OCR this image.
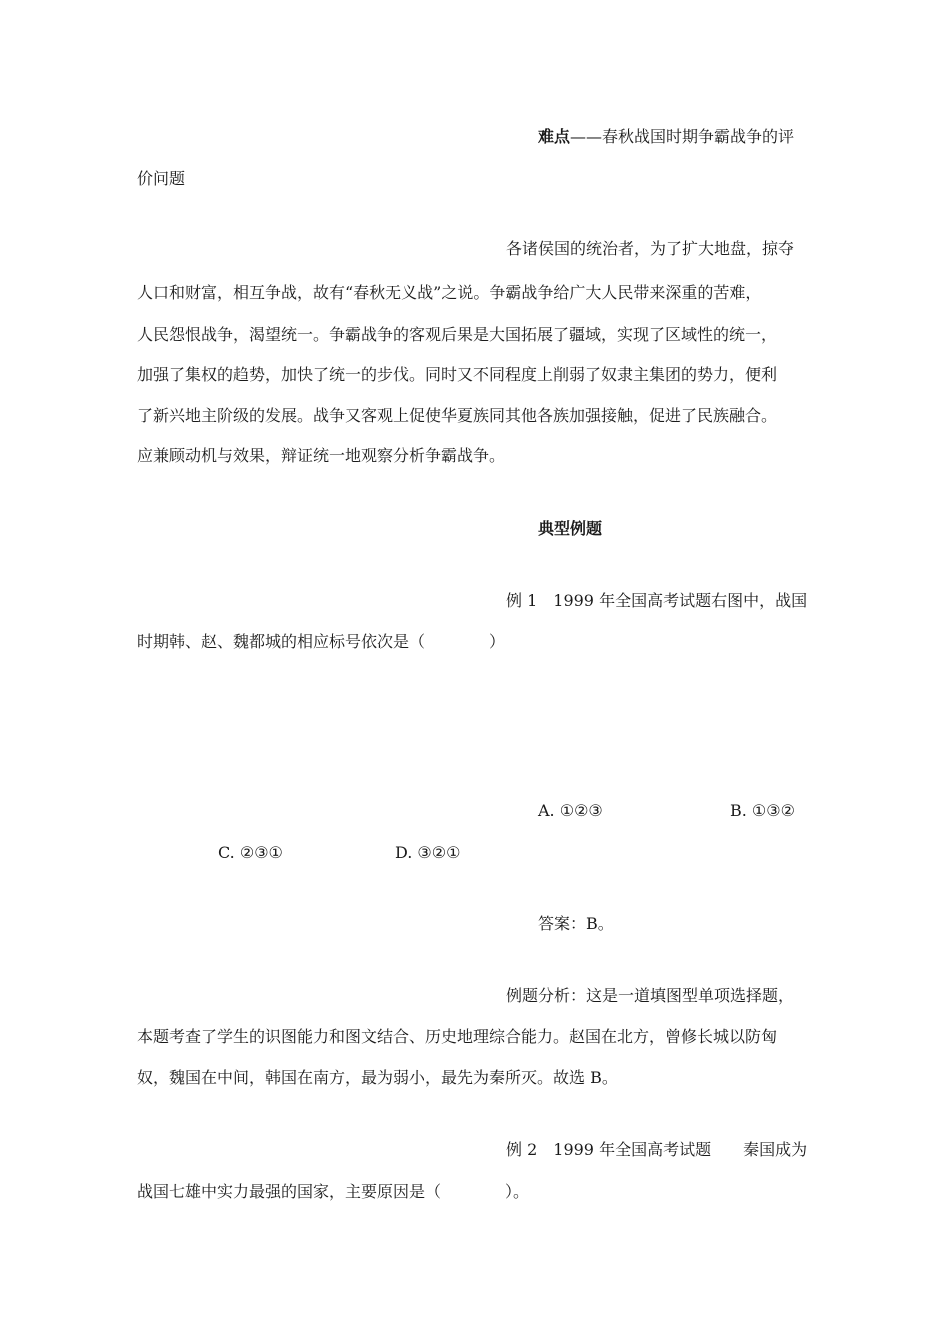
难点——春秋战国时期争霸战争的评
价问题
各诸侯国的统治者，为了扩大地盘，掠夺
人口和财富，相互争战，故有“春秋无义战”之说。争霸战争给广大人民带来深重的苦难，
人民怨恨战争，渴望统一。争霸战争的客观后果是大国拓展了疆域，实现了区域性的统一，
加强了集权的趋势，加快了统一的步伐。同时又不同程度上削弱了奴隶主集团的势力，便利
了新兴地主阶级的发展。战争又客观上促使华夏族同其他各族加强接触，促进了民族融合。
应兼顾动机与效果，辩证统一地观察分析争霸战争。
典型例题
例 1　1999 年全国高考试题右图中，战国
时期韩、赵、魏都城的相应标号依次是（　　　　）
A. ①②③	B. ①③②
C. ②③①	D. ③②①
答案：B。
例题分析：这是一道填图型单项选择题，
本题考查了学生的识图能力和图文结合、历史地理综合能力。赵国在北方，曾修长城以防匈
奴，魏国在中间，韩国在南方，最为弱小，最先为秦所灭。故选 B。
例 2　1999 年全国高考试题　　秦国成为
战国七雄中实力最强的国家，主要原因是（　　　　）。
